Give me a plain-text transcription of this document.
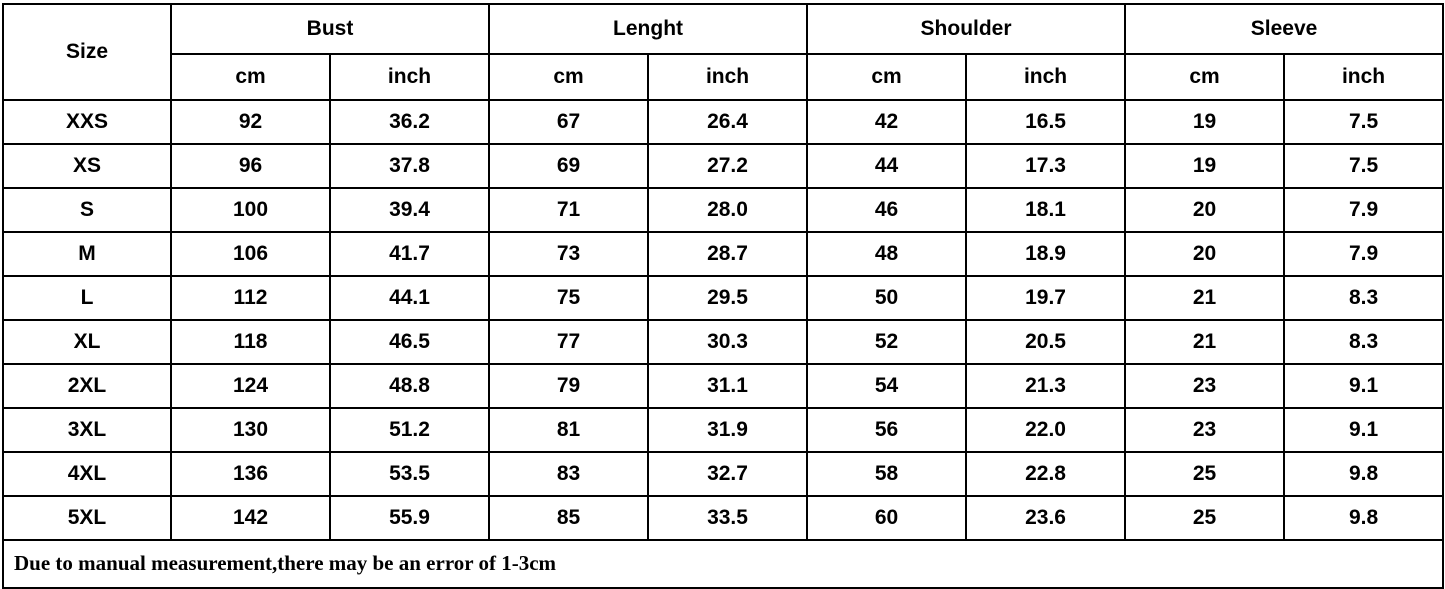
Size	Bust		Lenght		Shoulder		Sleeve	
	cm	inch	cm	inch	cm	inch	cm	inch
XXS	92	36.2	67	26.4	42	16.5	19	7.5
XS	96	37.8	69	27.2	44	17.3	19	7.5
S	100	39.4	71	28.0	46	18.1	20	7.9
M	106	41.7	73	28.7	48	18.9	20	7.9
L	112	44.1	75	29.5	50	19.7	21	8.3
XL	118	46.5	77	30.3	52	20.5	21	8.3
2XL	124	48.8	79	31.1	54	21.3	23	9.1
3XL	130	51.2	81	31.9	56	22.0	23	9.1
4XL	136	53.5	83	32.7	58	22.8	25	9.8
5XL	142	55.9	85	33.5	60	23.6	25	9.8
Due to manual measurement,there may be an error of 1-3cm								
